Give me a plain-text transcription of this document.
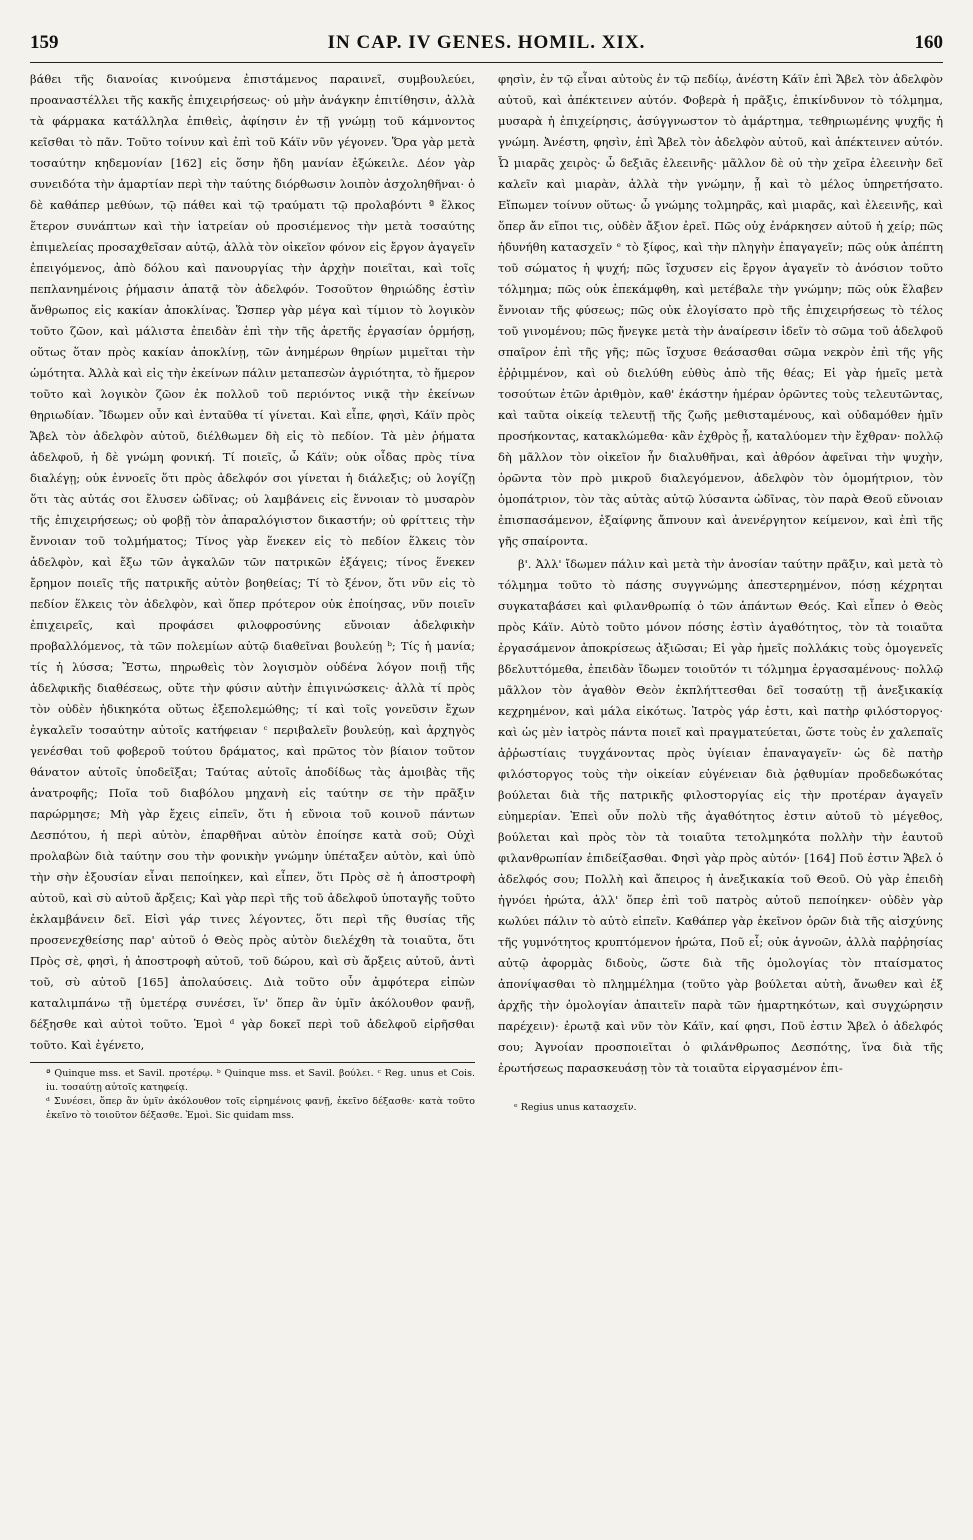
159	IN CAP. IV GENES. ΗΟΜΙL. XIX.	160

βάθει τῆς διανοίας κινούμενα ἐπιστάμενος παραινεῖ, συμβουλεύει, προαναστέλλει τῆς κακῆς ἐπιχειρήσεως· οὐ μὴν ἀνάγκην ἐπιτίθησιν, ἀλλὰ τὰ φάρμακα κατάλληλα ἐπιθεὶς, ἀφίησιν ἐν τῇ γνώμῃ τοῦ κάμνοντος κεῖσθαι τὸ πᾶν. Τοῦτο τοίνυν καὶ ἐπὶ τοῦ Κάϊν νῦν γέγονεν. Ὅρα γὰρ μετὰ τοσαύτην κηδεμονίαν [162] εἰς ὅσην ἤδη μανίαν ἐξώκειλε. Δέον γὰρ συνειδότα τὴν ἁμαρτίαν περὶ τὴν ταύτης διόρθωσιν λοιπὸν ἀσχοληθῆναι· ὁ δὲ καθάπερ μεθύων, τῷ πάθει καὶ τῷ τραύματι τῷ προλαβόντι ª ἕλκος ἕτερον συνάπτων καὶ τὴν ἰατρείαν οὐ προσιέμενος τὴν μετὰ τοσαύτης ἐπιμελείας προσαχθεῖσαν αὐτῷ, ἀλλὰ τὸν οἰκεῖον φόνον εἰς ἔργον ἀγαγεῖν ἐπειγόμενος, ἀπὸ δόλου καὶ πανουργίας τὴν ἀρχὴν ποιεῖται, καὶ τοῖς πεπλανημένοις ῥήμασιν ἀπατᾷ τὸν ἀδελφόν. Τοσοῦτον θηριώδης ἐστὶν ἄνθρωπος εἰς κακίαν ἀποκλίνας. Ὥσπερ γὰρ μέγα καὶ τίμιον τὸ λογικὸν τοῦτο ζῶον, καὶ μάλιστα ἐπειδὰν ἐπὶ τὴν τῆς ἀρετῆς ἐργασίαν ὁρμήσῃ, οὕτως ὅταν πρὸς κακίαν ἀποκλίνῃ, τῶν ἀνημέρων θηρίων μιμεῖται τὴν ὠμότητα. Ἀλλὰ καὶ εἰς τὴν ἐκείνων πάλιν μεταπεσὼν ἀγριότητα, τὸ ἥμερον τοῦτο καὶ λογικὸν ζῶον ἐκ πολλοῦ τοῦ περιόντος νικᾷ τὴν ἐκείνων θηριωδίαν. Ἴδωμεν οὖν καὶ ἐνταῦθα τί γίνεται. Καὶ εἶπε, φησὶ, Κάϊν πρὸς Ἄβελ τὸν ἀδελφὸν αὐτοῦ, διέλθωμεν δὴ εἰς τὸ πεδίον. Τὰ μὲν ῥήματα ἀδελφοῦ, ἡ δὲ γνώμη φονική. Τί ποιεῖς, ὦ Κάϊν; οὐκ οἶδας πρὸς τίνα διαλέγῃ; οὐκ ἐννοεῖς ὅτι πρὸς ἀδελφόν σοι γίνεται ἡ διάλεξις; οὐ λογίζῃ ὅτι τὰς αὐτάς σοι ἔλυσεν ὠδῖνας; οὐ λαμβάνεις εἰς ἔννοιαν τὸ μυσαρὸν τῆς ἐπιχειρήσεως; οὐ φοβῇ τὸν ἀπαραλόγιστον δικαστήν; οὐ φρίττεις τὴν ἔννοιαν τοῦ τολμήματος; Τίνος γὰρ ἕνεκεν εἰς τὸ πεδίον ἕλκεις τὸν ἀδελφὸν, καὶ ἔξω τῶν ἀγκαλῶν τῶν πατρικῶν ἐξάγεις; τίνος ἕνεκεν ἔρημον ποιεῖς τῆς πατρικῆς αὐτὸν βοηθείας; Τί τὸ ξένον, ὅτι νῦν εἰς τὸ πεδίον ἕλκεις τὸν ἀδελφὸν, καὶ ὅπερ πρότερον οὐκ ἐποίησας, νῦν ποιεῖν ἐπιχειρεῖς, καὶ προφάσει φιλοφροσύνης εὔνοιαν ἀδελφικὴν προβαλλόμενος, τὰ τῶν πολεμίων αὐτῷ διαθεῖναι βουλεύῃ ᵇ; Τίς ἡ μανία; τίς ἡ λύσσα; Ἔστω, πηρωθεὶς τὸν λογισμὸν οὐδένα λόγον ποιῇ τῆς ἀδελφικῆς διαθέσεως, οὔτε τὴν φύσιν αὐτὴν ἐπιγινώσκεις· ἀλλὰ τί πρὸς τὸν οὐδὲν ἠδικηκότα οὕτως ἐξεπολεμώθης; τί καὶ τοῖς γονεῦσιν ἔχων ἐγκαλεῖν τοσαύτην αὐτοῖς κατήφειαν ᶜ περιβαλεῖν βουλεύῃ, καὶ ἀρχηγὸς γενέσθαι τοῦ φοβεροῦ τούτου δράματος, καὶ πρῶτος τὸν βίαιον τοῦτον θάνατον αὐτοῖς ὑποδεῖξαι; Ταύτας αὐτοῖς ἀποδίδως τὰς ἀμοιβὰς τῆς ἀνατροφῆς; Ποῖα τοῦ διαβόλου μηχανὴ εἰς ταύτην σε τὴν πρᾶξιν παρώρμησε; Μὴ γὰρ ἔχεις εἰπεῖν, ὅτι ἡ εὔνοια τοῦ κοινοῦ πάντων Δεσπότου, ἡ περὶ αὐτὸν, ἐπαρθῆναι αὐτὸν ἐποίησε κατὰ σοῦ; Οὐχὶ προλαβὼν διὰ ταύτην σου τὴν φονικὴν γνώμην ὑπέταξεν αὐτὸν, καὶ ὑπὸ τὴν σὴν ἐξουσίαν εἶναι πεποίηκεν, καὶ εἶπεν, ὅτι Πρὸς σὲ ἡ ἀποστροφὴ αὐτοῦ, καὶ σὺ αὐτοῦ ἄρξεις; Καὶ γὰρ περὶ τῆς τοῦ ἀδελφοῦ ὑποταγῆς τοῦτο ἐκλαμβάνειν δεῖ. Εἰσὶ γάρ τινες λέγοντες, ὅτι περὶ τῆς θυσίας τῆς προσενεχθείσης παρ' αὐτοῦ ὁ Θεὸς πρὸς αὐτὸν διελέχθη τὰ τοιαῦτα, ὅτι Πρὸς σὲ, φησὶ, ἡ ἀποστροφὴ αὐτοῦ, τοῦ δώρου, καὶ σὺ ἄρξεις αὐτοῦ, ἀντὶ τοῦ, σὺ αὐτοῦ [165] ἀπολαύσεις. Διὰ τοῦτο οὖν ἀμφότερα εἰπὼν καταλιμπάνω τῇ ὑμετέρᾳ συνέσει, ἵν' ὅπερ ἂν ὑμῖν ἀκόλουθον φανῇ, δέξησθε καὶ αὐτοὶ τοῦτο. Ἐμοὶ ᵈ γὰρ δοκεῖ περὶ τοῦ ἀδελφοῦ εἰρῆσθαι τοῦτο. Καὶ ἐγένετο,

ª Quinque mss. et Savil. προτέρῳ. ᵇ Quinque mss. et Savil. βούλει. ᶜ Reg. unus et Cois. iu. τοσαύτῃ αὐτοῖς κατηφείᾳ.

ᵈ Συνέσει, ὅπερ ἂν ὑμῖν ἀκόλουθον τοῖς εἰρημένοις φανῇ, ἐκεῖνο δέξασθε· κατὰ τοῦτο ἐκεῖνο τὸ τοιοῦτον δέξασθε. Ἐμοὶ. Sic quidam mss.

φησὶν, ἐν τῷ εἶναι αὐτοὺς ἐν τῷ πεδίῳ, ἀνέστη Κάϊν ἐπὶ Ἄβελ τὸν ἀδελφὸν αὐτοῦ, καὶ ἀπέκτεινεν αὐτόν. Φοβερὰ ἡ πρᾶξις, ἐπικίνδυνον τὸ τόλμημα, μυσαρὰ ἡ ἐπιχείρησις, ἀσύγγνωστον τὸ ἁμάρτημα, τεθηριωμένης ψυχῆς ἡ γνώμη. Ἀνέστη, φησὶν, ἐπὶ Ἄβελ τὸν ἀδελφὸν αὐτοῦ, καὶ ἀπέκτεινεν αὐτόν. Ὦ μιαρᾶς χειρὸς· ὦ δεξιᾶς ἐλεεινῆς· μᾶλλον δὲ οὐ τὴν χεῖρα ἐλεεινὴν δεῖ καλεῖν καὶ μιαρὰν, ἀλλὰ τὴν γνώμην, ᾗ καὶ τὸ μέλος ὑπηρετήσατο. Εἴπωμεν τοίνυν οὕτως· ὦ γνώμης τολμηρᾶς, καὶ μιαρᾶς, καὶ ἐλεεινῆς, καὶ ὅπερ ἄν εἴποι τις, οὐδὲν ἄξιον ἐρεῖ. Πῶς οὐχ ἐνάρκησεν αὐτοῦ ἡ χείρ; πῶς ἠδυνήθη κατασχεῖν ᵉ τὸ ξίφος, καὶ τὴν πληγὴν ἐπαγαγεῖν; πῶς οὐκ ἀπέπτη τοῦ σώματος ἡ ψυχή; πῶς ἴσχυσεν εἰς ἔργον ἀγαγεῖν τὸ ἀνόσιον τοῦτο τόλμημα; πῶς οὐκ ἐπεκάμφθη, καὶ μετέβαλε τὴν γνώμην; πῶς οὐκ ἔλαβεν ἔννοιαν τῆς φύσεως; πῶς οὐκ ἐλογίσατο πρὸ τῆς ἐπιχειρήσεως τὸ τέλος τοῦ γινομένου; πῶς ἤνεγκε μετὰ τὴν ἀναίρεσιν ἰδεῖν τὸ σῶμα τοῦ ἀδελφοῦ σπαῖρον ἐπὶ τῆς γῆς; πῶς ἴσχυσε θεάσασθαι σῶμα νεκρὸν ἐπὶ τῆς γῆς ἐῤῥιμμένον, καὶ οὐ διελύθη εὐθὺς ἀπὸ τῆς θέας; Εἰ γὰρ ἡμεῖς μετὰ τοσούτων ἐτῶν ἀριθμὸν, καθ' ἑκάστην ἡμέραν ὁρῶντες τοὺς τελευτῶντας, καὶ ταῦτα οἰκείᾳ τελευτῇ τῆς ζωῆς μεθισταμένους, καὶ οὐδαμόθεν ἡμῖν προσήκοντας, κατακλώμεθα· κἂν ἐχθρὸς ᾖ, καταλύομεν τὴν ἔχθραν· πολλῷ δὴ μᾶλλον τὸν οἰκεῖον ἦν διαλυθῆναι, καὶ ἀθρόον ἀφεῖναι τὴν ψυχὴν, ὁρῶντα τὸν πρὸ μικροῦ διαλεγόμενον, ἀδελφὸν τὸν ὁμομήτριον, τὸν ὁμοπάτριον, τὸν τὰς αὐτὰς αὐτῷ λύσαντα ὠδῖνας, τὸν παρὰ Θεοῦ εὔνοιαν ἐπισπασάμενον, ἐξαίφνης ἄπνουν καὶ ἀνενέργητον κείμενον, καὶ ἐπὶ τῆς γῆς σπαίροντα.

β'. Ἀλλ' ἴδωμεν πάλιν καὶ μετὰ τὴν ἀνοσίαν ταύτην πρᾶξιν, καὶ μετὰ τὸ τόλμημα τοῦτο τὸ πάσης συγγνώμης ἀπεστερημένον, πόσῃ κέχρηται συγκαταβάσει καὶ φιλανθρωπίᾳ ὁ τῶν ἁπάντων Θεός. Καὶ εἶπεν ὁ Θεὸς πρὸς Κάϊν. Αὐτὸ τοῦτο μόνον πόσης ἐστὶν ἀγαθότητος, τὸν τὰ τοιαῦτα ἐργασάμενον ἀποκρίσεως ἀξιῶσαι; Εἰ γὰρ ἡμεῖς πολλάκις τοὺς ὁμογενεῖς βδελυττόμεθα, ἐπειδὰν ἴδωμεν τοιοῦτόν τι τόλμημα ἐργασαμένους· πολλῷ μᾶλλον τὸν ἀγαθὸν Θεὸν ἐκπλήττεσθαι δεῖ τοσαύτῃ τῇ ἀνεξικακίᾳ κεχρημένον, καὶ μάλα εἰκότως. Ἰατρὸς γάρ ἐστι, καὶ πατὴρ φιλόστοργος· καὶ ὡς μὲν ἰατρὸς πάντα ποιεῖ καὶ πραγματεύεται, ὥστε τοὺς ἐν χαλεπαῖς ἀῤῥωστίαις τυγχάνοντας πρὸς ὑγίειαν ἐπαναγαγεῖν· ὡς δὲ πατὴρ φιλόστοργος τοὺς τὴν οἰκείαν εὐγένειαν διὰ ῥᾳθυμίαν προδεδωκότας βούλεται διὰ τῆς πατρικῆς φιλοστοργίας εἰς τὴν προτέραν ἀγαγεῖν εὐημερίαν. Ἐπεὶ οὖν πολὺ τῆς ἀγαθότητος ἐστιν αὐτοῦ τὸ μέγεθος, βούλεται καὶ πρὸς τὸν τὰ τοιαῦτα τετολμηκότα πολλὴν τὴν ἑαυτοῦ φιλανθρωπίαν ἐπιδείξασθαι. Φησὶ γὰρ πρὸς αὐτόν· [164] Ποῦ ἐστιν Ἄβελ ὁ ἀδελφός σου; Πολλὴ καὶ ἄπειρος ἡ ἀνεξικακία τοῦ Θεοῦ. Οὐ γὰρ ἐπειδὴ ἠγνόει ἠρώτα, ἀλλ' ὅπερ ἐπὶ τοῦ πατρὸς αὐτοῦ πεποίηκεν· οὐδὲν γὰρ κωλύει πάλιν τὸ αὐτὸ εἰπεῖν. Καθάπερ γὰρ ἐκεῖνον ὁρῶν διὰ τῆς αἰσχύνης τῆς γυμνότητος κρυπτόμενον ἠρώτα, Ποῦ εἶ; οὐκ ἀγνοῶν, ἀλλὰ παῤῥησίας αὐτῷ ἀφορμὰς διδοὺς, ὥστε διὰ τῆς ὁμολογίας τὸν πταίσματος ἀπονίψασθαι τὸ πλημμέλημα (τοῦτο γὰρ βούλεται αὐτὴ, ἄνωθεν καὶ ἐξ ἀρχῆς τὴν ὁμολογίαν ἀπαιτεῖν παρὰ τῶν ἡμαρτηκότων, καὶ συγχώρησιν παρέχειν)· ἐρωτᾷ καὶ νῦν τὸν Κάϊν, καί φησι, Ποῦ ἐστιν Ἄβελ ὁ ἀδελφός σου; Ἀγνοίαν προσποιεῖται ὁ φιλάνθρωπος Δεσπότης, ἵνα διὰ τῆς ἐρωτήσεως παρασκευάσῃ τὸν τὰ τοιαῦτα εἰργασμένον ἐπι-

ᵉ Regius unus κατασχεῖν.
